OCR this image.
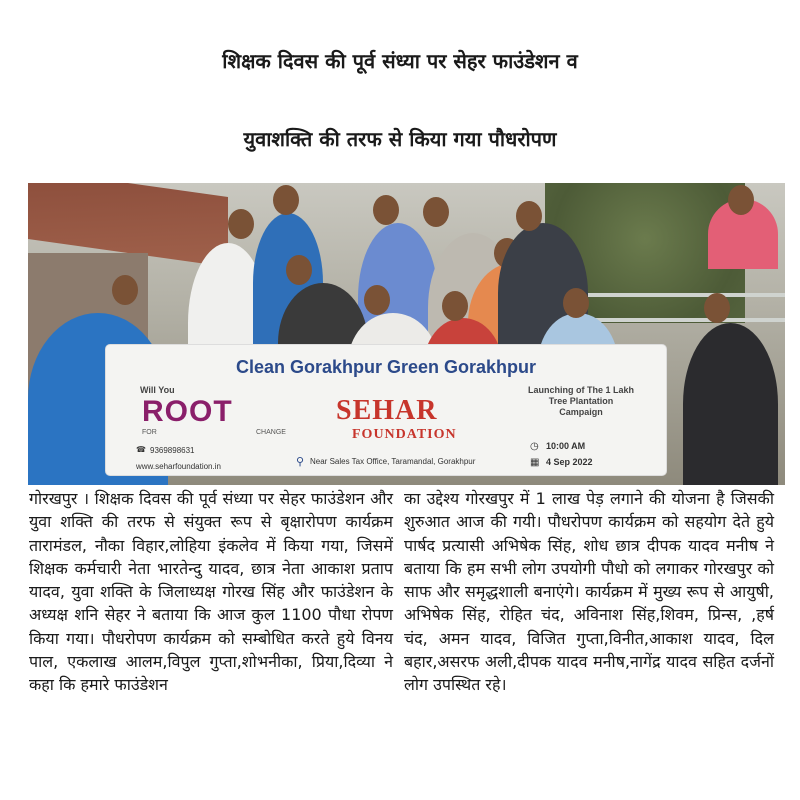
शिक्षक दिवस की पूर्व संध्या पर सेहर फाउंडेशन व
युवाशक्ति की तरफ से किया गया पौधरोपण
Clean Gorakhpur Green Gorakhpur
Will You
ROOT
FOR	CHANGE
SEHAR
FOUNDATION
Launching of The 1 Lakh Tree Plantation Campaign
☎ 9369898631
www.seharfoundation.in	⚲ Near Sales Tax Office, Taramandal, Gorakhpur
◷ 10:00 AM
▦ 4 Sep 2022

गोरखपुर । शिक्षक दिवस की पूर्व संध्या पर सेहर फाउंडेशन और युवा शक्ति की तरफ से संयुक्त रूप से बृक्षारोपण कार्यक्रम तारामंडल, नौका विहार,लोहिया इंकलेव में किया गया, जिसमें शिक्षक कर्मचारी नेता भारतेन्दु यादव, छात्र नेता आकाश प्रताप यादव, युवा शक्ति के जिलाध्यक्ष गोरख सिंह और फाउंडेशन के अध्यक्ष शनि सेहर ने बताया कि आज कुल 1100 पौधा रोपण किया गया। पौधरोपण कार्यक्रम को सम्बोधित करते हुये विनय पाल, एकलाख आलम,विपुल गुप्ता,शोभनीका, प्रिया,दिव्या ने कहा कि हमारे फाउंडेशन

का उद्देश्य गोरखपुर में 1 लाख पेड़ लगाने की योजना है जिसकी शुरुआत आज की गयी। पौधरोपण कार्यक्रम को सहयोग देते हुये पार्षद प्रत्यासी अभिषेक सिंह, शोध छात्र दीपक यादव मनीष ने बताया कि हम सभी लोग उपयोगी पौधो को लगाकर गोरखपुर को साफ और समृद्धशाली बनाएंगे। कार्यक्रम में मुख्य रूप से आयुषी, अभिषेक सिंह, रोहित चंद, अविनाश सिंह,शिवम, प्रिन्स, ,हर्ष चंद, अमन यादव, विजित गुप्ता,विनीत,आकाश यादव, दिल बहार,असरफ अली,दीपक यादव मनीष,नागेंद्र यादव सहित दर्जनों लोग उपस्थित रहे।
